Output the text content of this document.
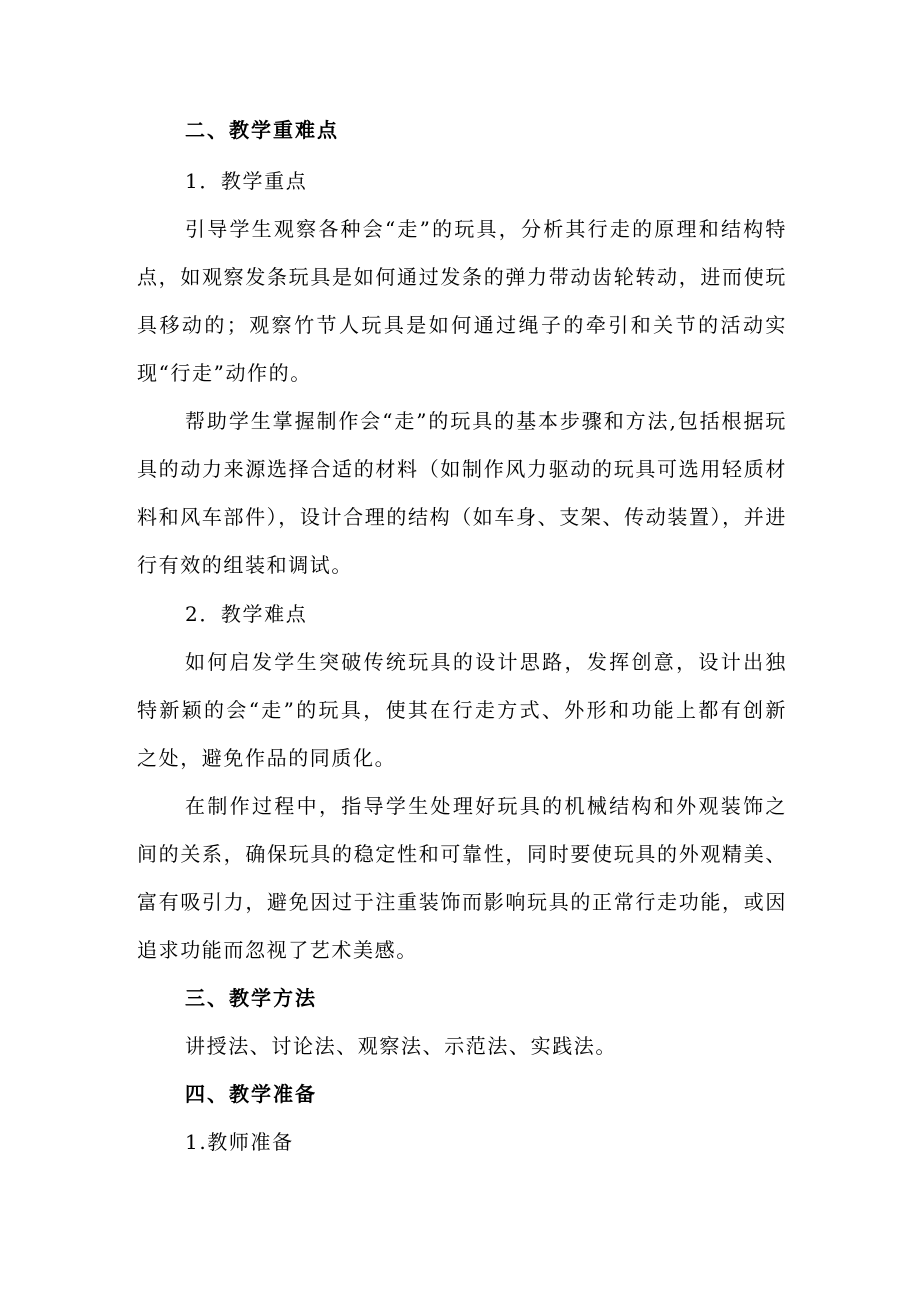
二、教学重难点
1．教学重点
引导学生观察各种会“走”的玩具，分析其行走的原理和结构特点，如观察发条玩具是如何通过发条的弹力带动齿轮转动，进而使玩具移动的；观察竹节人玩具是如何通过绳子的牵引和关节的活动实现“行走”动作的。
帮助学生掌握制作会“走”的玩具的基本步骤和方法,包括根据玩具的动力来源选择合适的材料（如制作风力驱动的玩具可选用轻质材料和风车部件），设计合理的结构（如车身、支架、传动装置），并进行有效的组装和调试。
2．教学难点
如何启发学生突破传统玩具的设计思路，发挥创意，设计出独特新颖的会“走”的玩具，使其在行走方式、外形和功能上都有创新之处，避免作品的同质化。
在制作过程中，指导学生处理好玩具的机械结构和外观装饰之间的关系，确保玩具的稳定性和可靠性，同时要使玩具的外观精美、富有吸引力，避免因过于注重装饰而影响玩具的正常行走功能，或因追求功能而忽视了艺术美感。
三、教学方法
讲授法、讨论法、观察法、示范法、实践法。
四、教学准备
1.教师准备
